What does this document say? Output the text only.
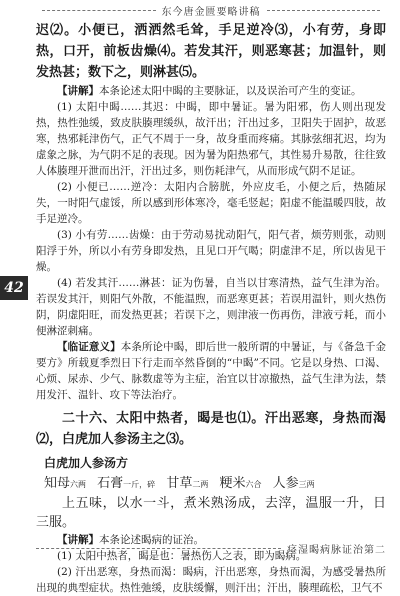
东今唐金匮要略讲稿
42

迟⑵。小便已，洒洒然毛耸，手足逆冷⑶，小有劳，身即热，口开，前板齿燥⑷。若发其汗，则恶寒甚；加温针，则发热甚；数下之，则淋甚⑸。

【讲解】本条论述太阳中暍的主要脉证，以及误治可产生的变证。

(1) 太阳中暍……其迟：中暍，即中暑证。暑为阳邪，伤人则出现发热，热性弛缓，致皮肤腠理缓纵，故汗出；汗出过多，卫阳失于固护，故恶寒，热邪耗津伤气，正气不周于一身，故身重而疼痛。其脉弦细芤迟，均为虚象之脉，为气阴不足的表现。因为暑为阳热邪气，其性易升易散，往往致人体腠理开泄而出汗，汗出过多，则伤耗津气，从而形成气阴不足证。

(2) 小便已……逆冷：太阳内合膀胱，外应皮毛，小便之后，热随尿失，一时阳气虚馁，所以感到形体寒冷，毫毛竖起；阳虚不能温暖四肢，故手足逆冷。

(3) 小有劳……齿燥：由于劳动易扰动阳气，阳气者，烦劳则张，动则阳浮于外，所以小有劳身即发热，且见口开气喝；阴虚津不足，所以齿见干燥。

(4) 若发其汗……淋甚：证为伤暑，自当以甘寒清热，益气生津为治。若误发其汗，则阳气外散，不能温煦，而恶寒更甚；若误用温针，则火热伤阴，阴虚阳旺，而发热更甚；若误下之，则津液一伤再伤，津液亏耗，而小便淋涩刺痛。

【临证意义】本条所论中暍，即后世一般所谓的中暑证，与《备急千金要方》所载夏季烈日下行走而卒然昏倒的“中暍”不同。它是以身热、口渴、心烦、尿赤、少气、脉数虚等为主症，治宜以甘凉撤热，益气生津为法，禁用发汗、温针、攻下等法治疗。

二十六、太阳中热者，暍是也⑴。汗出恶寒，身热而渴⑵，白虎加人参汤主之⑶。

白虎加人参汤方
知母六两 石膏一斤，碎 甘草二两 粳米六合 人参三两

上五味，以水一斗，煮米熟汤成，去滓，温服一升，日三服。

【讲解】本条论述暍病的证治。

(1) 太阳中热者，暍是也：暑热伤人之表，即为暍病。

(2) 汗出恶寒，身热而渴：暍病，汗出恶寒，身热而渴，为感受暑热所出现的典型症状。热性弛缓，皮肤缓懈，则汗出；汗出，腠理疏松，卫气不

痉湿暍病脉证治第二
